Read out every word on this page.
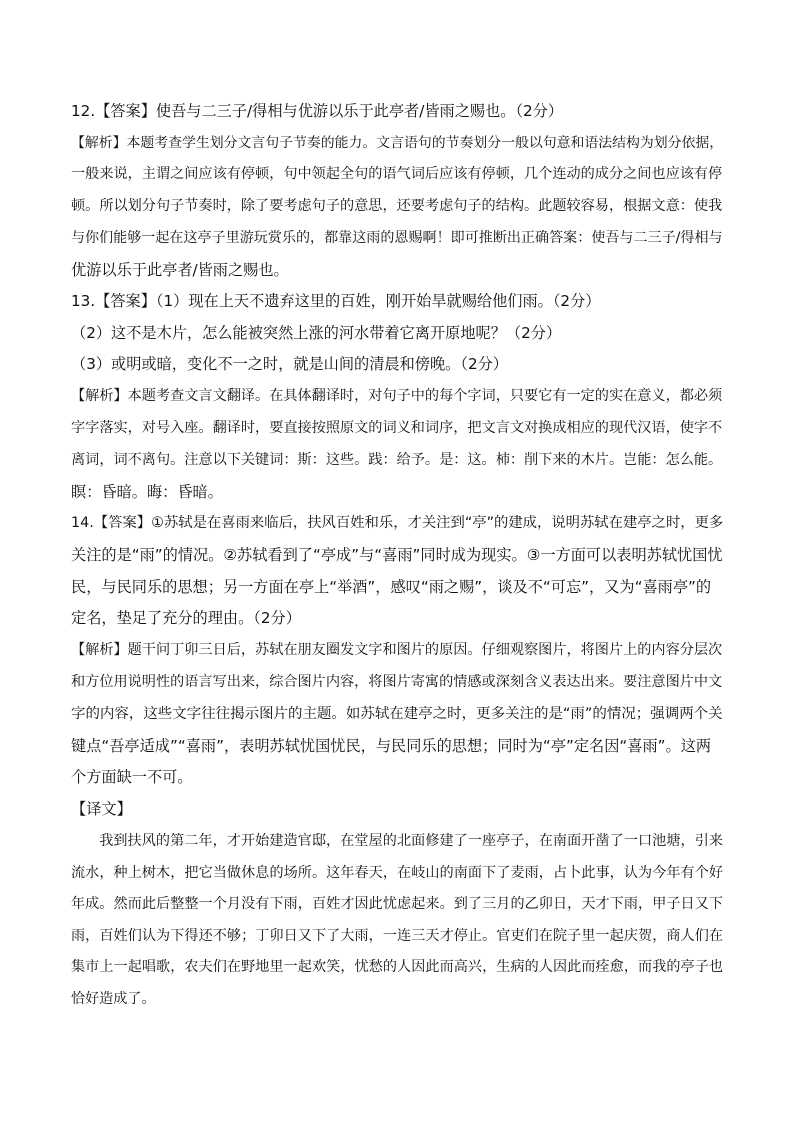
12.【答案】使吾与二三子/得相与优游以乐于此亭者/皆雨之赐也。（2分）
【解析】本题考查学生划分文言句子节奏的能力。文言语句的节奏划分一般以句意和语法结构为划分依据，
一般来说，主谓之间应该有停顿，句中领起全句的语气词后应该有停顿，几个连动的成分之间也应该有停
顿。所以划分句子节奏时，除了要考虑句子的意思，还要考虑句子的结构。此题较容易，根据文意：使我
与你们能够一起在这亭子里游玩赏乐的，都靠这雨的恩赐啊！即可推断出正确答案：使吾与二三子/得相与
优游以乐于此亭者/皆雨之赐也。
13.【答案】（1）现在上天不遗弃这里的百姓，刚开始旱就赐给他们雨。（2分）
（2）这不是木片，怎么能被突然上涨的河水带着它离开原地呢？（2分）
（3）或明或暗，变化不一之时，就是山间的清晨和傍晚。（2分）
【解析】本题考查文言文翻译。在具体翻译时，对句子中的每个字词，只要它有一定的实在意义，都必须
字字落实，对号入座。翻译时，要直接按照原文的词义和词序，把文言文对换成相应的现代汉语，使字不
离词，词不离句。注意以下关键词：斯：这些。践：给予。是：这。杮：削下来的木片。岂能：怎么能。
瞑：昏暗。晦：昏暗。
14.【答案】①苏轼是在喜雨来临后，扶风百姓和乐，才关注到“亭”的建成，说明苏轼在建亭之时，更多
关注的是“雨”的情况。②苏轼看到了“亭成”与“喜雨”同时成为现实。③一方面可以表明苏轼忧国忧
民，与民同乐的思想；另一方面在亭上“举酒”，感叹“雨之赐”，谈及不“可忘”，又为“喜雨亭”的
定名，垫足了充分的理由。（2分）
【解析】题干问丁卯三日后，苏轼在朋友圈发文字和图片的原因。仔细观察图片，将图片上的内容分层次
和方位用说明性的语言写出来，综合图片内容，将图片寄寓的情感或深刻含义表达出来。要注意图片中文
字的内容，这些文字往往揭示图片的主题。如苏轼在建亭之时，更多关注的是“雨”的情况；强调两个关
键点“吾亭适成”“喜雨”，表明苏轼忧国忧民，与民同乐的思想；同时为“亭”定名因“喜雨”。这两
个方面缺一不可。
【译文】

我到扶风的第二年，才开始建造官邸，在堂屋的北面修建了一座亭子，在南面开凿了一口池塘，引来流水，种上树木，把它当做休息的场所。这年春天，在岐山的南面下了麦雨，占卜此事，认为今年有个好年成。然而此后整整一个月没有下雨，百姓才因此忧虑起来。到了三月的乙卯日，天才下雨，甲子日又下雨，百姓们认为下得还不够；丁卯日又下了大雨，一连三天才停止。官吏们在院子里一起庆贺，商人们在集市上一起唱歌，农夫们在野地里一起欢笑，忧愁的人因此而高兴，生病的人因此而痊愈，而我的亭子也恰好造成了。
